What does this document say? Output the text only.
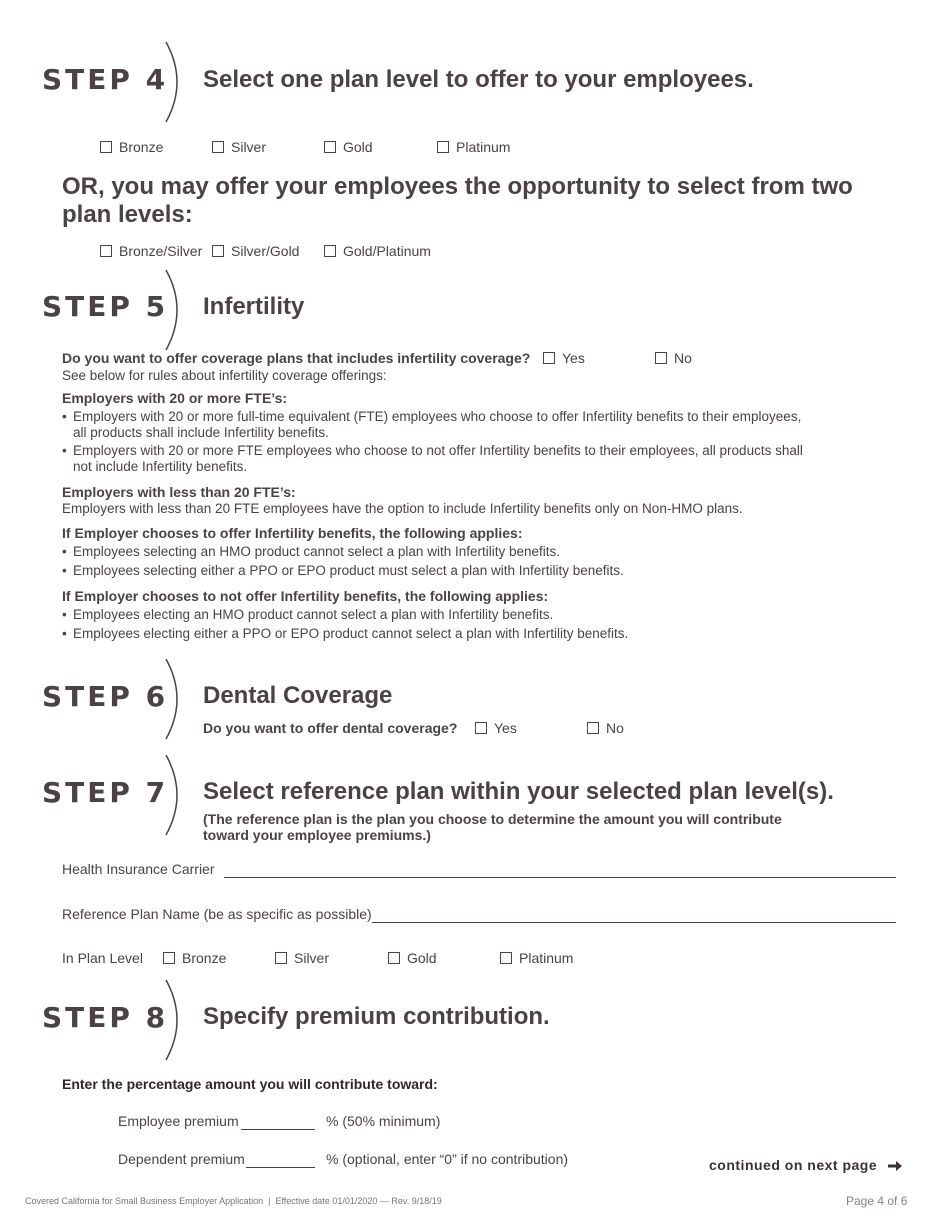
STEP 4 Select one plan level to offer to your employees.
Bronze	Silver	Gold	Platinum
OR, you may offer your employees the opportunity to select from two plan levels:
Bronze/Silver Silver/Gold	Gold/Platinum
STEP 5 Infertility
Do you want to offer coverage plans that includes infertility coverage? Yes	No
See below for rules about infertility coverage offerings:
Employers with 20 or more FTE’s:
• Employers with 20 or more full-time equivalent (FTE) employees who choose to offer Infertility benefits to their employees,
all products shall include Infertility benefits.
• Employers with 20 or more FTE employees who choose to not offer Infertility benefits to their employees, all products shall
not include Infertility benefits.
Employers with less than 20 FTE’s:
Employers with less than 20 FTE employees have the option to include Infertility benefits only on Non-HMO plans.
If Employer chooses to offer Infertility benefits, the following applies:
• Employees selecting an HMO product cannot select a plan with Infertility benefits.
• Employees selecting either a PPO or EPO product must select a plan with Infertility benefits.
If Employer chooses to not offer Infertility benefits, the following applies:
• Employees electing an HMO product cannot select a plan with Infertility benefits.
• Employees electing either a PPO or EPO product cannot select a plan with Infertility benefits.
STEP 6 Dental Coverage
Do you want to offer dental coverage?	Yes	No
STEP 7 Select reference plan within your selected plan level(s).
(The reference plan is the plan you choose to determine the amount you will contribute
toward your employee premiums.)
Health Insurance Carrier
Reference Plan Name (be as specific as possible)
In Plan Level	Bronze	Silver	Gold	Platinum
STEP 8 Specify premium contribution.
Enter the percentage amount you will contribute toward:
Employee premium	% (50% minimum)
Dependent premium	% (optional, enter “0” if no contribution)	continued on next page
Covered California for Small Business Employer Application  |  Effective date 01/01/2020 — Rev. 9/18/19	Page 4 of 6
